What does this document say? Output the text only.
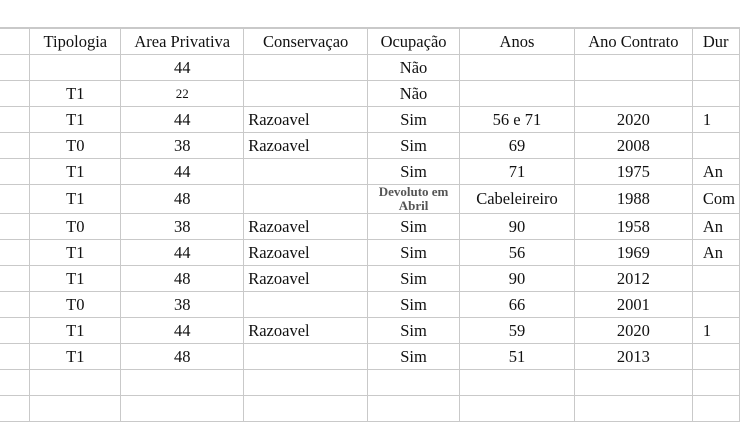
	Tipologia	Area Privativa	Conservaçao	Ocupação	Anos	Ano Contrato	Dur
		44		Não			
	T1	22		Não			
	T1	44	Razoavel	Sim	56 e 71	2020	1
	T0	38	Razoavel	Sim	69	2008	
	T1	44		Sim	71	1975	An
	T1	48		Devoluto em Abril	Cabeleireiro	1988	Com
	T0	38	Razoavel	Sim	90	1958	An
	T1	44	Razoavel	Sim	56	1969	An
	T1	48	Razoavel	Sim	90	2012	
	T0	38		Sim	66	2001	
	T1	44	Razoavel	Sim	59	2020	1
	T1	48		Sim	51	2013	
